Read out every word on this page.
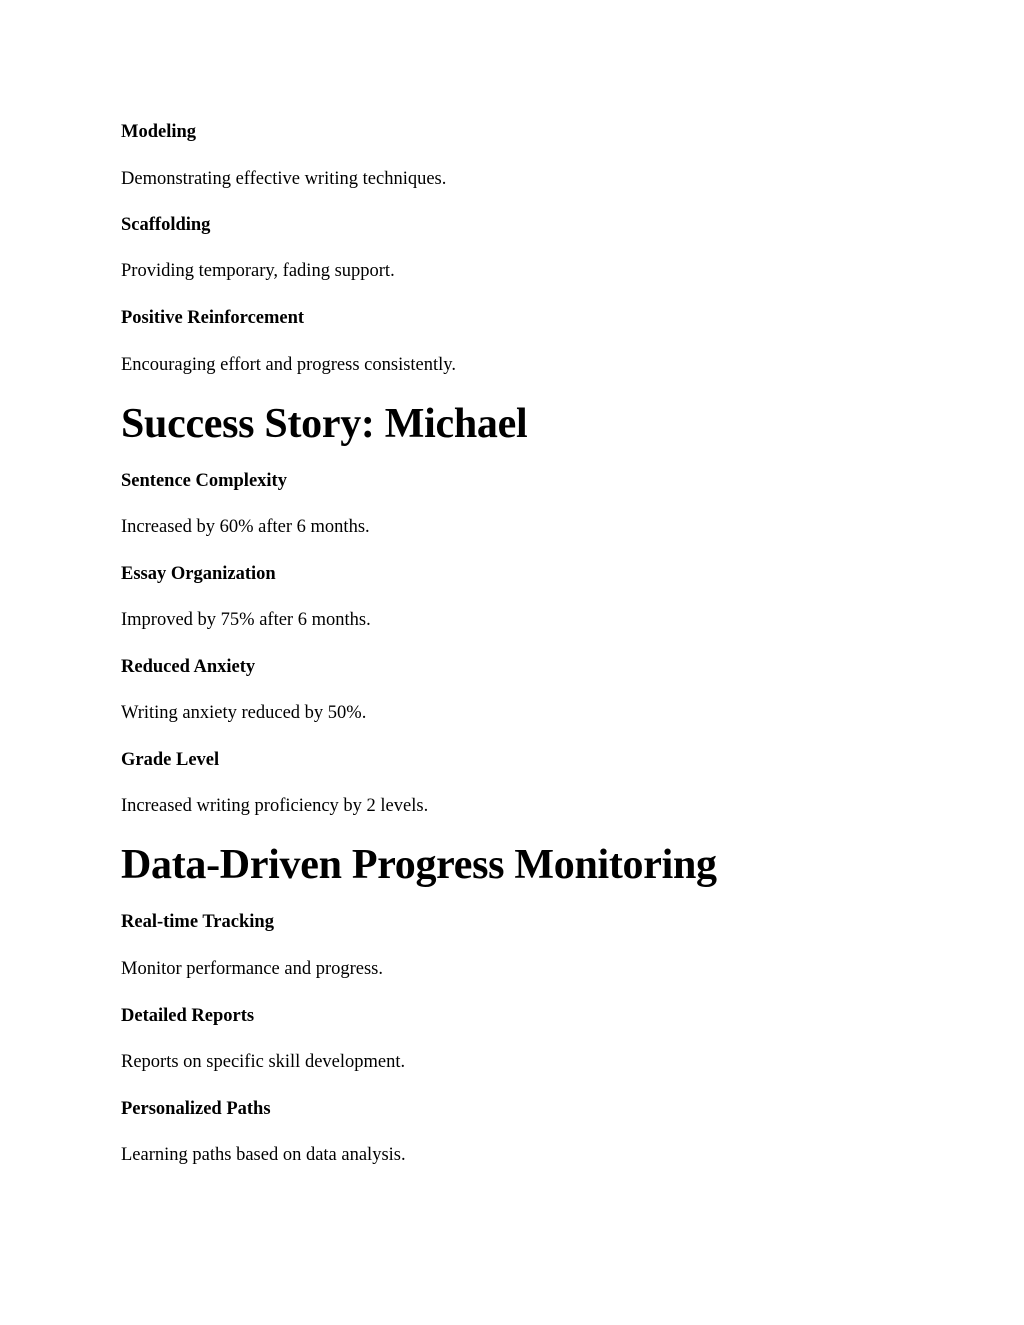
Modeling
Demonstrating effective writing techniques.
Scaffolding
Providing temporary, fading support.
Positive Reinforcement
Encouraging effort and progress consistently.
Success Story: Michael
Sentence Complexity
Increased by 60% after 6 months.
Essay Organization
Improved by 75% after 6 months.
Reduced Anxiety
Writing anxiety reduced by 50%.
Grade Level
Increased writing proficiency by 2 levels.
Data-Driven Progress Monitoring
Real-time Tracking
Monitor performance and progress.
Detailed Reports
Reports on specific skill development.
Personalized Paths
Learning paths based on data analysis.
